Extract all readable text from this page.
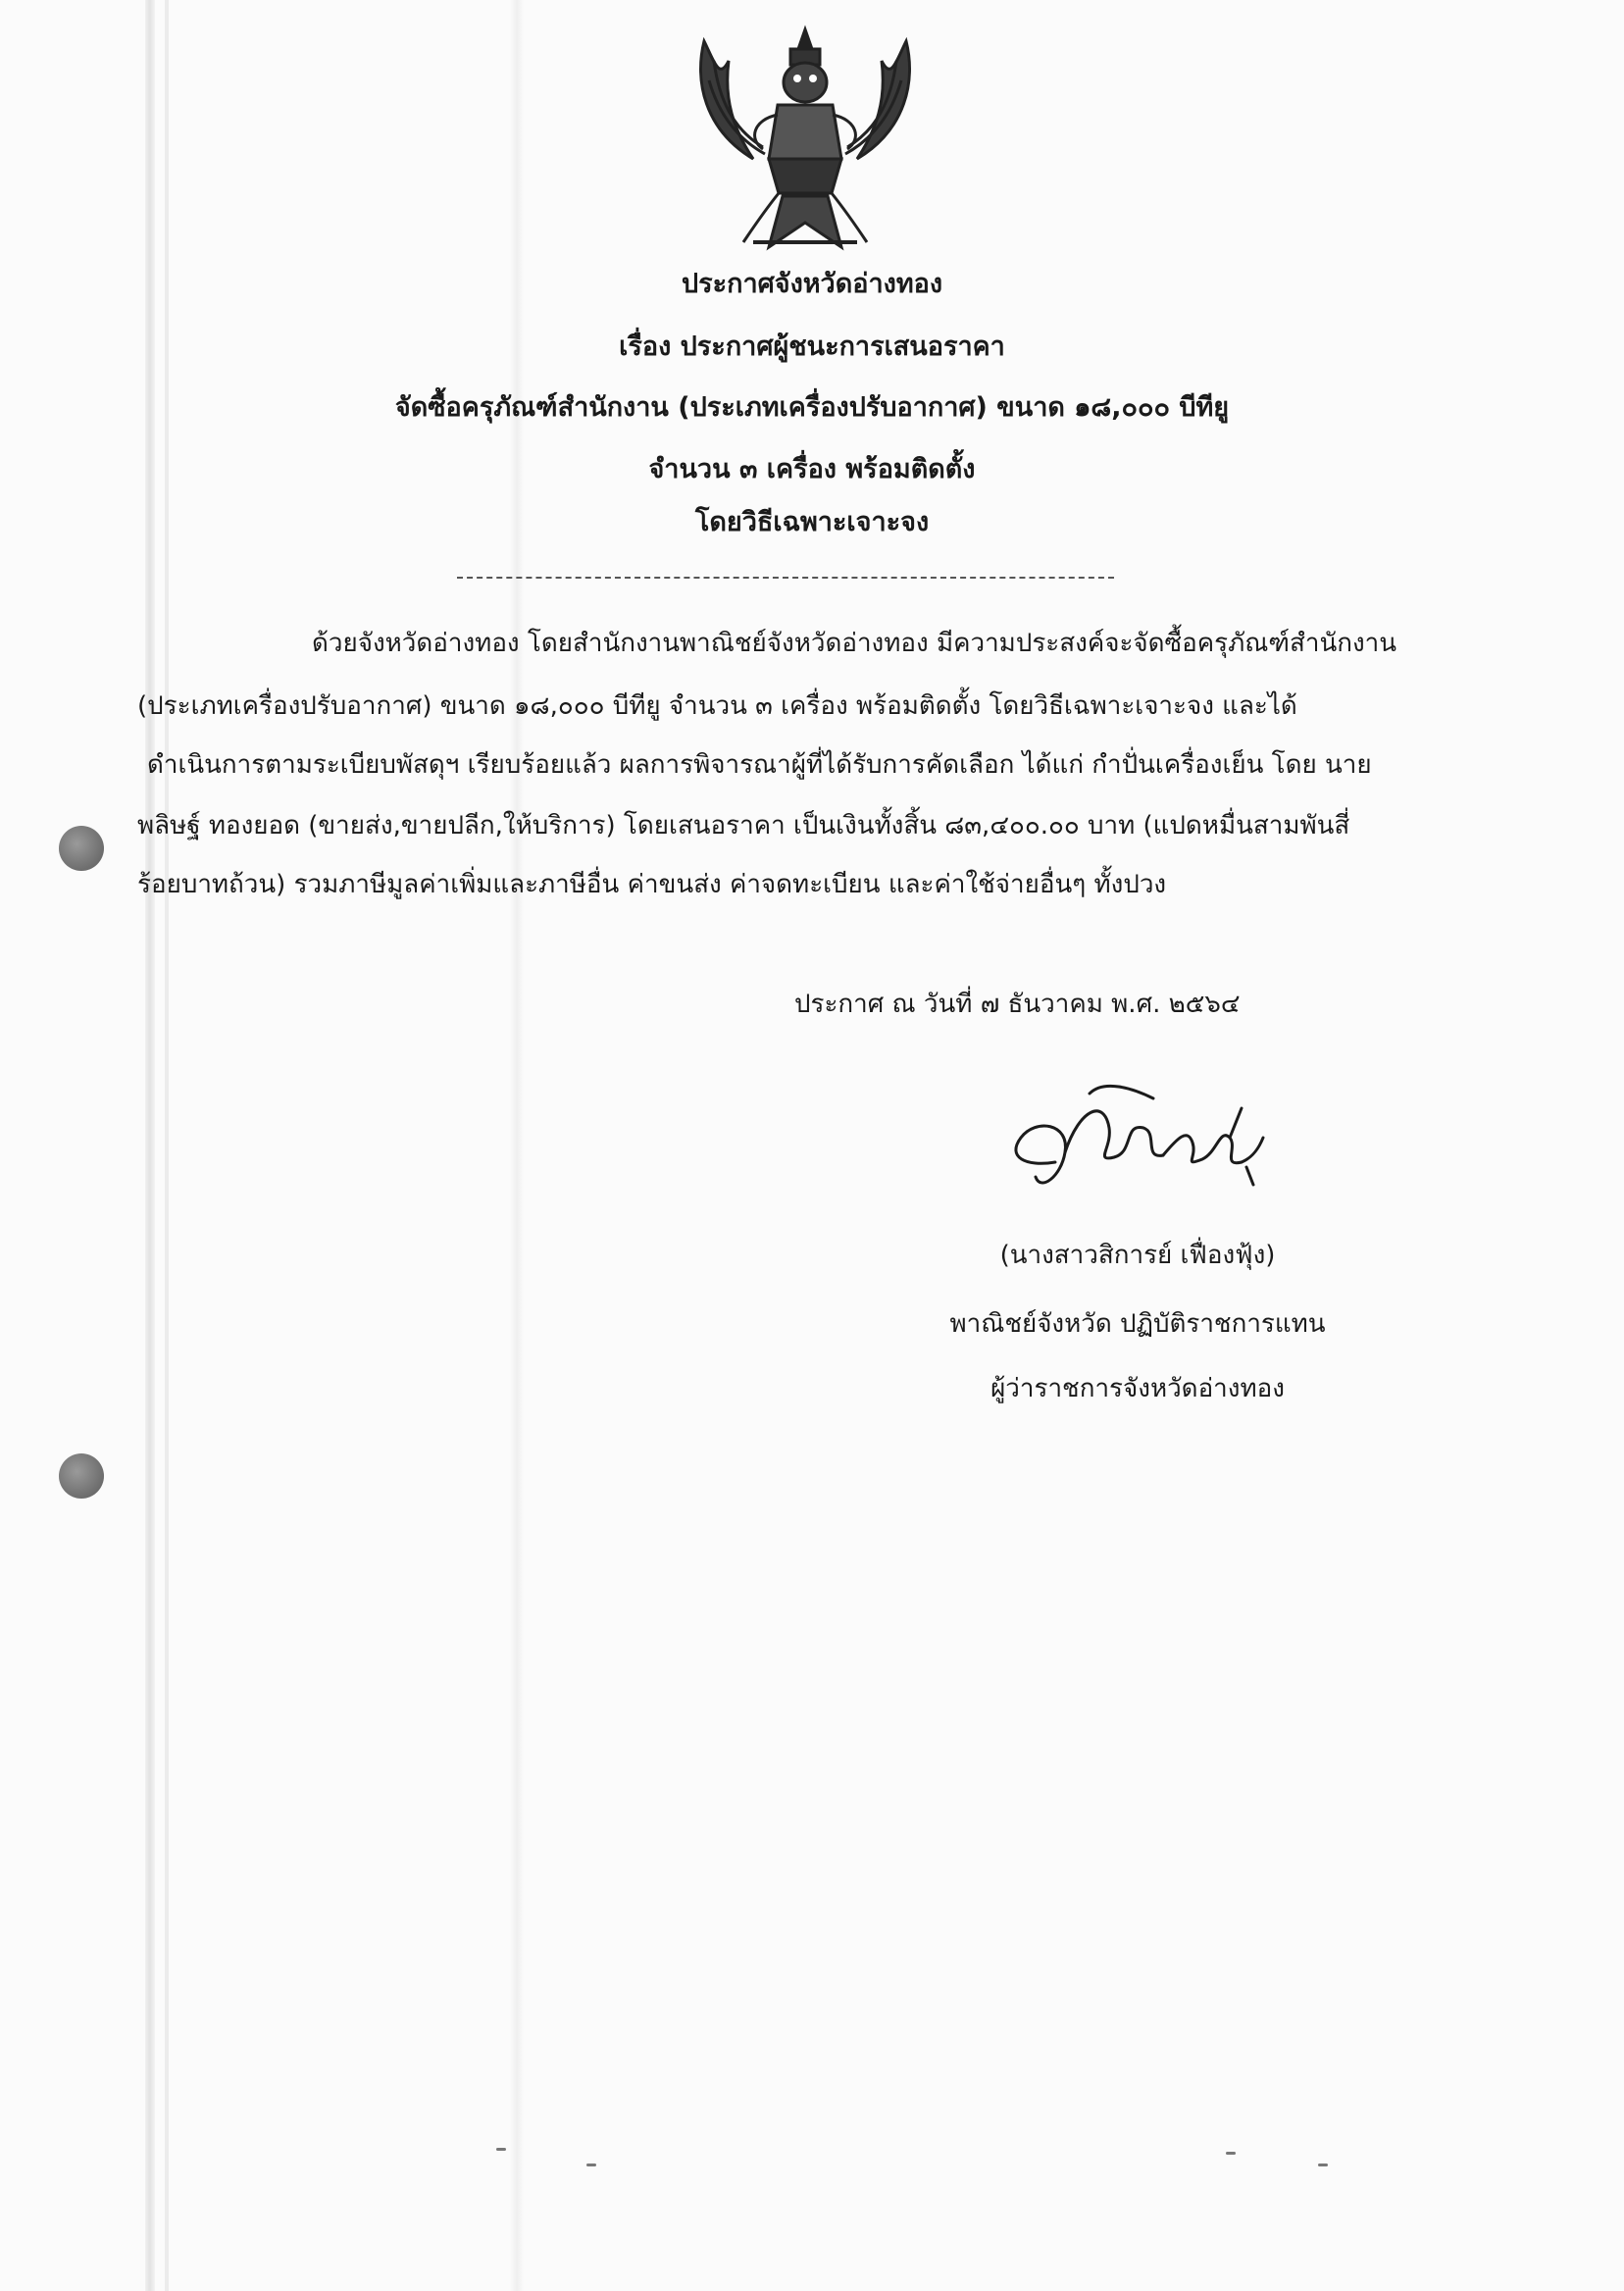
ประกาศจังหวัดอ่างทอง

เรื่อง ประกาศผู้ชนะการเสนอราคา

จัดซื้อครุภัณฑ์สำนักงาน (ประเภทเครื่องปรับอากาศ) ขนาด ๑๘,๐๐๐ บีทียู

จำนวน ๓ เครื่อง พร้อมติดตั้ง

โดยวิธีเฉพาะเจาะจง

ด้วยจังหวัดอ่างทอง โดยสำนักงานพาณิชย์จังหวัดอ่างทอง มีความประสงค์จะจัดซื้อครุภัณฑ์สำนักงาน

(ประเภทเครื่องปรับอากาศ) ขนาด ๑๘,๐๐๐ บีทียู จำนวน ๓ เครื่อง พร้อมติดตั้ง โดยวิธีเฉพาะเจาะจง และได้

ดำเนินการตามระเบียบพัสดุฯ เรียบร้อยแล้ว ผลการพิจารณาผู้ที่ได้รับการคัดเลือก ได้แก่ กำปั่นเครื่องเย็น โดย นาย

พลิษฐ์ ทองยอด (ขายส่ง,ขายปลีก,ให้บริการ) โดยเสนอราคา เป็นเงินทั้งสิ้น ๘๓,๔๐๐.๐๐ บาท (แปดหมื่นสามพันสี่

ร้อยบาทถ้วน) รวมภาษีมูลค่าเพิ่มและภาษีอื่น ค่าขนส่ง ค่าจดทะเบียน และค่าใช้จ่ายอื่นๆ ทั้งปวง

ประกาศ ณ วันที่ ๗ ธันวาคม พ.ศ. ๒๕๖๔

(นางสาวสิการย์ เฟื่องฟุ้ง)

พาณิชย์จังหวัด ปฏิบัติราชการแทน

ผู้ว่าราชการจังหวัดอ่างทอง
